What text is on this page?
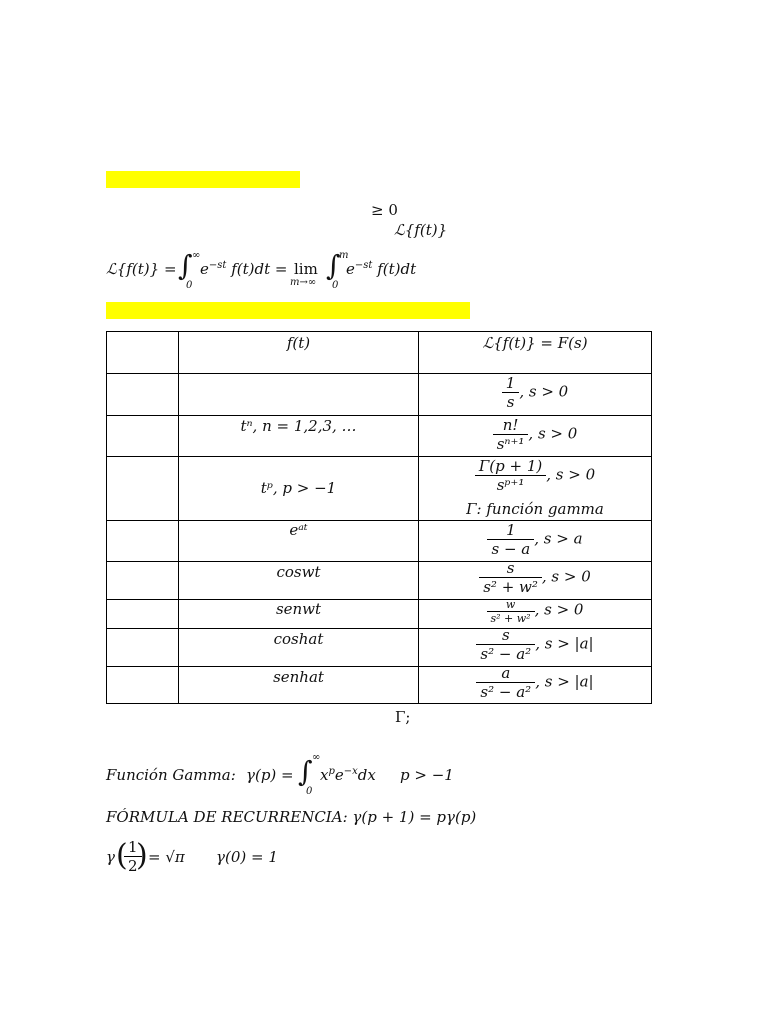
≥ 0
ℒ{f(t)}
ℒ{f(t)} = ∫ ∞
0
$e^{-st}$ f(t)dt = lim
m→∞
∫
m
0
$e^{-st}$ f(t)dt

	f(t)	ℒ{f(t)} = F(s)

		$\frac{1}{s}$ , s > 0

	tⁿ, n = 1,2,3, …	$\frac{n!}{\text{sⁿ⁺¹}}$ , s > 0

	tᵖ, p > −1	$\frac{\Gamma(p + 1)}{\text{sᵖ⁺¹}}$ , s > 0
Γ: función gamma

	eᵃᵗ	$\frac{1}{s - a}$ , s > a

	coswt	$\frac{s}{\text{s² + w²}}$ , s > 0

	senwt	$\frac{w}{\text{s² + w²}}$ , s > 0

	coshat	$\frac{s}{\text{s² − a²}}$ , s > |a|

	senhat	$\frac{a}{\text{s² − a²}}$ , s > |a|
Γ;
Función Gamma: γ(p) = ∫ ∞
0
$x^pe^{-x}dx$ p > −1
FÓRMULA DE RECURRENCIA: γ(p + 1) = pγ(p)
γ (
$\frac{1}{2}$
) = √π γ(0) = 1
